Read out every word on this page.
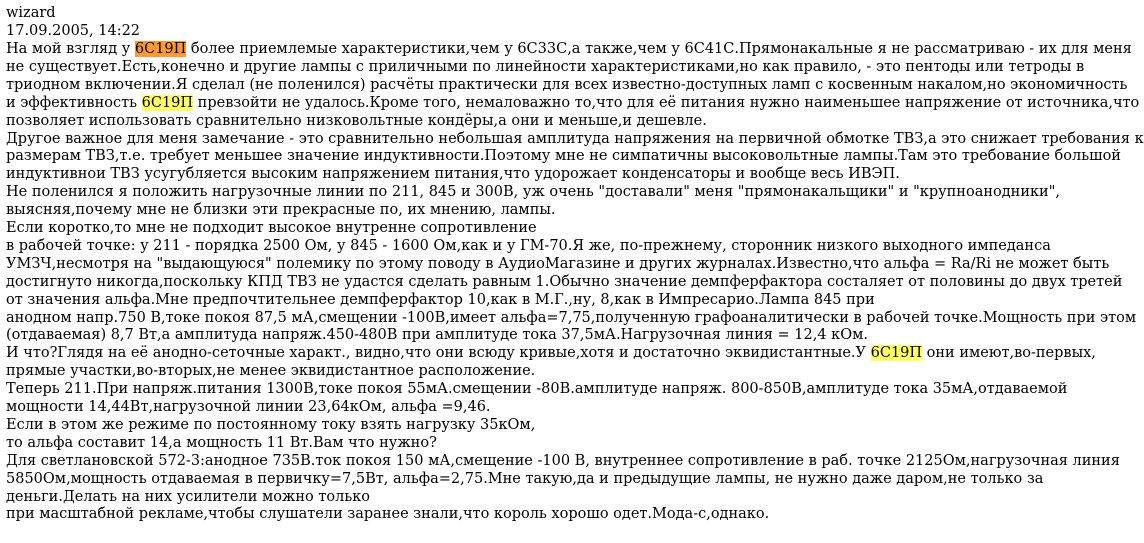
wizard
17.09.2005, 14:22
На мой взгляд у 6С19П более приемлемые характеристики,чем у 6С33С,а также,чем у 6С41С.Прямонакальные я не рассматриваю - их для меня
не существует.Есть,конечно и другие лампы с приличными по линейности характеристиками,но как правило, - это пентоды или тетроды в
триодном включении.Я сделал (не поленился) расчёты практически для всех известно-доступных ламп с косвенным накалом,но экономичность
и эффективность 6С19П превзойти не удалось.Кроме того, немаловажно то,что для её питания нужно наименьшее напряжение от источника,что
позволяет использовать сравнительно низковольтные кондёры,а они и меньше,и дешевле.
Другое важное для меня замечание - это сравнительно небольшая амплитуда напряжения на первичной обмотке ТВЗ,а это снижает требования к
размерам ТВЗ,т.е. требует меньшее значение индуктивности.Поэтому мне не симпатичны высоковольтные лампы.Там это требование большой
индуктивнои ТВЗ усугубляется высоким напряжением питания,что удорожает конденсаторы и вообще весь ИВЭП.
Не поленился я положить нагрузочные линии по 211, 845 и 300В, уж очень "доставали" меня "прямонакальщики" и "крупноанодники",
выясняя,почему мне не близки эти прекрасные по, их мнению, лампы.
Если коротко,то мне не подходит высокое внутренне сопротивление
в рабочей точке: у 211 - порядка 2500 Ом, у 845 - 1600 Ом,как и у ГМ-70.Я же, по-прежнему, сторонник низкого выходного импеданса
УМЗЧ,несмотря на "выдающуюся" полемику по этому поводу в АудиоМагазине и других журналах.Известно,что альфа = Ra/Ri не может быть
достигнуто никогда,поскольку КПД ТВЗ не удастся сделать равным 1.Обычно значение демпферфактора состаляет от половины до двух третей
от значения альфа.Мне предпочтительнее демпферфактор 10,как в М.Г.,ну, 8,как в Импресарио.Лампа 845 при
анодном напр.750 В,токе покоя 87,5 мА,смещении -100В,имеет альфа=7,75,полученную графоаналитически в рабочей точке.Мощность при этом
(отдаваемая) 8,7 Вт,а амплитуда напряж.450-480В при амплитуде тока 37,5мА.Нагрузочная линия = 12,4 кОм.
И что?Глядя на её анодно-сеточные характ., видно,что они всюду кривые,хотя и достаточно эквидистантные.У 6С19П они имеют,во-первых,
прямые участки,во-вторых,не менее эквидистантное расположение.
Теперь 211.При напряж.питания 1300В,токе покоя 55мА.смещении -80В.амплитуде напряж. 800-850В,амплитуде тока 35мА,отдаваемой
мощности 14,44Вт,нагрузочной линии 23,64кОм, альфа =9,46.
Если в этом же режиме по постоянному току взять нагрузку 35кОм,
то альфа составит 14,а мощность 11 Вт.Вам что нужно?
Для светлановской 572-3:анодное 735В.ток покоя 150 мА,смещение -100 В, внутреннее сопротивление в раб. точке 2125Ом,нагрузочная линия
5850Ом,мощность отдаваемая в первичку=7,5Вт, альфа=2,75.Мне такую,да и предыдущие лампы, не нужно даже даром,не только за
деньги.Делать на них усилители можно только
при масштабной рекламе,чтобы слушатели заранее знали,что король хорошо одет.Мода-с,однако.
